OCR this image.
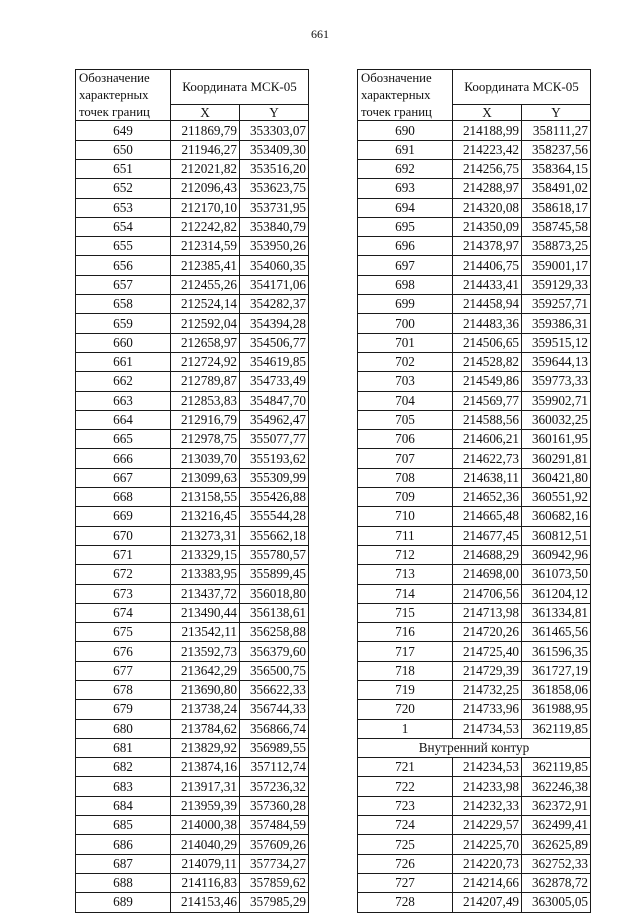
661
Обозначение характерных точек границ	Координата МСК-05	
	X	Y
649	211869,79	353303,07
650	211946,27	353409,30
651	212021,82	353516,20
652	212096,43	353623,75
653	212170,10	353731,95
654	212242,82	353840,79
655	212314,59	353950,26
656	212385,41	354060,35
657	212455,26	354171,06
658	212524,14	354282,37
659	212592,04	354394,28
660	212658,97	354506,77
661	212724,92	354619,85
662	212789,87	354733,49
663	212853,83	354847,70
664	212916,79	354962,47
665	212978,75	355077,77
666	213039,70	355193,62
667	213099,63	355309,99
668	213158,55	355426,88
669	213216,45	355544,28
670	213273,31	355662,18
671	213329,15	355780,57
672	213383,95	355899,45
673	213437,72	356018,80
674	213490,44	356138,61
675	213542,11	356258,88
676	213592,73	356379,60
677	213642,29	356500,75
678	213690,80	356622,33
679	213738,24	356744,33
680	213784,62	356866,74
681	213829,92	356989,55
682	213874,16	357112,74
683	213917,31	357236,32
684	213959,39	357360,28
685	214000,38	357484,59
686	214040,29	357609,26
687	214079,11	357734,27
688	214116,83	357859,62
689	214153,46	357985,29
Обозначение характерных точек границ	Координата МСК-05	
	X	Y
690	214188,99	358111,27
691	214223,42	358237,56
692	214256,75	358364,15
693	214288,97	358491,02
694	214320,08	358618,17
695	214350,09	358745,58
696	214378,97	358873,25
697	214406,75	359001,17
698	214433,41	359129,33
699	214458,94	359257,71
700	214483,36	359386,31
701	214506,65	359515,12
702	214528,82	359644,13
703	214549,86	359773,33
704	214569,77	359902,71
705	214588,56	360032,25
706	214606,21	360161,95
707	214622,73	360291,81
708	214638,11	360421,80
709	214652,36	360551,92
710	214665,48	360682,16
711	214677,45	360812,51
712	214688,29	360942,96
713	214698,00	361073,50
714	214706,56	361204,12
715	214713,98	361334,81
716	214720,26	361465,56
717	214725,40	361596,35
718	214729,39	361727,19
719	214732,25	361858,06
720	214733,96	361988,95
1	214734,53	362119,85
Внутренний контур		
721	214234,53	362119,85
722	214233,98	362246,38
723	214232,33	362372,91
724	214229,57	362499,41
725	214225,70	362625,89
726	214220,73	362752,33
727	214214,66	362878,72
728	214207,49	363005,05
